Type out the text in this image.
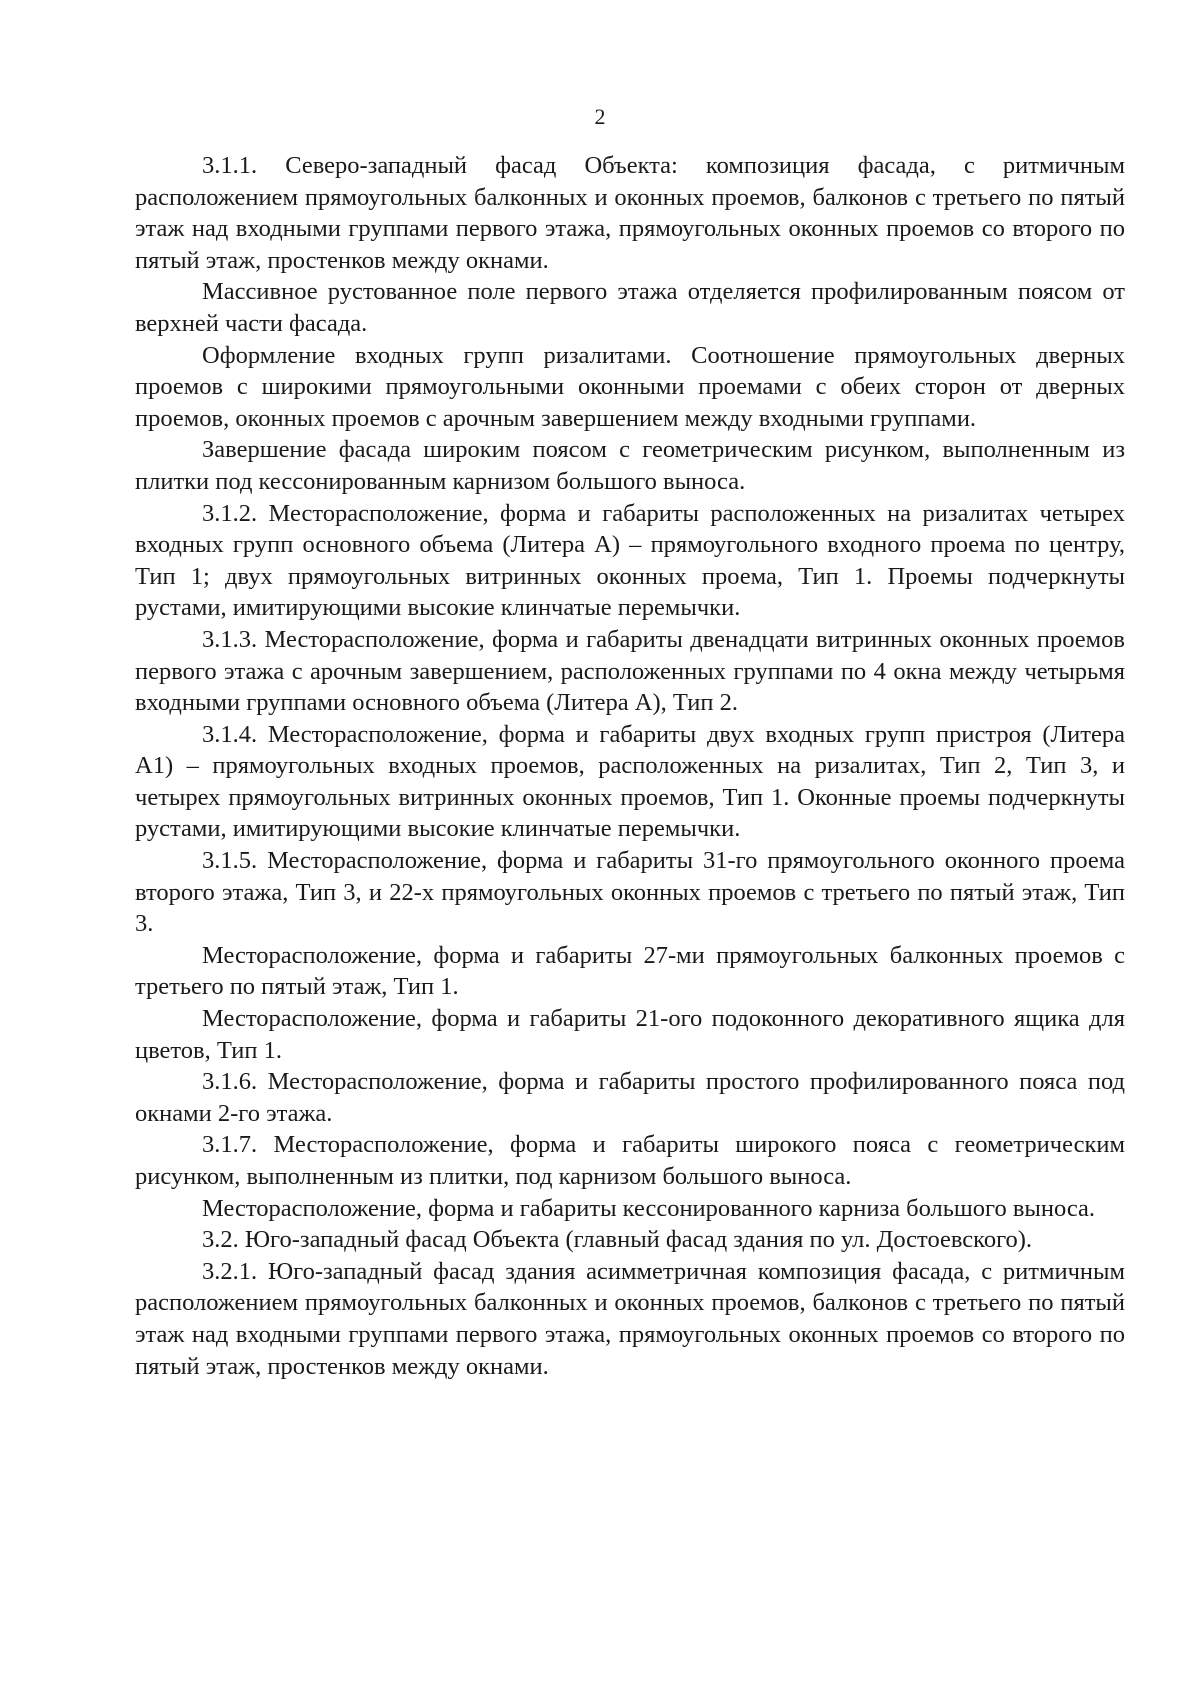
2

3.1.1. Северо-западный фасад Объекта: композиция фасада, с ритмичным расположением прямоугольных балконных и оконных проемов, балконов с третьего по пятый этаж над входными группами первого этажа, прямоугольных оконных проемов со второго по пятый этаж, простенков между окнами.

Массивное рустованное поле первого этажа отделяется профилированным поясом от верхней части фасада.

Оформление входных групп ризалитами. Соотношение прямоугольных дверных проемов с широкими прямоугольными оконными проемами с обеих сторон от дверных проемов, оконных проемов с арочным завершением между входными группами.

Завершение фасада широким поясом с геометрическим рисунком, выполненным из плитки под кессонированным карнизом большого выноса.

3.1.2. Месторасположение, форма и габариты расположенных на ризалитах четырех входных групп основного объема (Литера А) – прямоугольного входного проема по центру, Тип 1; двух прямоугольных витринных оконных проема, Тип 1. Проемы подчеркнуты рустами, имитирующими высокие клинчатые перемычки.

3.1.3. Месторасположение, форма и габариты двенадцати витринных оконных проемов первого этажа с арочным завершением, расположенных группами по 4 окна между четырьмя входными группами основного объема (Литера А), Тип 2.

3.1.4. Месторасположение, форма и габариты двух входных групп пристроя (Литера А1) – прямоугольных входных проемов, расположенных на ризалитах, Тип 2, Тип 3, и четырех прямоугольных витринных оконных проемов, Тип 1. Оконные проемы подчеркнуты рустами, имитирующими высокие клинчатые перемычки.

3.1.5. Месторасположение, форма и габариты 31-го прямоугольного оконного проема второго этажа, Тип 3, и 22-х прямоугольных оконных проемов с третьего по пятый этаж, Тип 3.

Месторасположение, форма и габариты 27-ми прямоугольных балконных проемов с третьего по пятый этаж, Тип 1.

Месторасположение, форма и габариты 21-ого подоконного декоративного ящика для цветов, Тип 1.

3.1.6. Месторасположение, форма и габариты простого профилированного пояса под окнами 2-го этажа.

3.1.7. Месторасположение, форма и габариты широкого пояса с геометрическим рисунком, выполненным из плитки, под карнизом большого выноса.

Месторасположение, форма и габариты кессонированного карниза большого выноса.

3.2. Юго-западный фасад Объекта (главный фасад здания по ул. Достоевского).

3.2.1. Юго-западный фасад здания асимметричная композиция фасада, с ритмичным расположением прямоугольных балконных и оконных проемов, балконов с третьего по пятый этаж над входными группами первого этажа, прямоугольных оконных проемов со второго по пятый этаж, простенков между окнами.
